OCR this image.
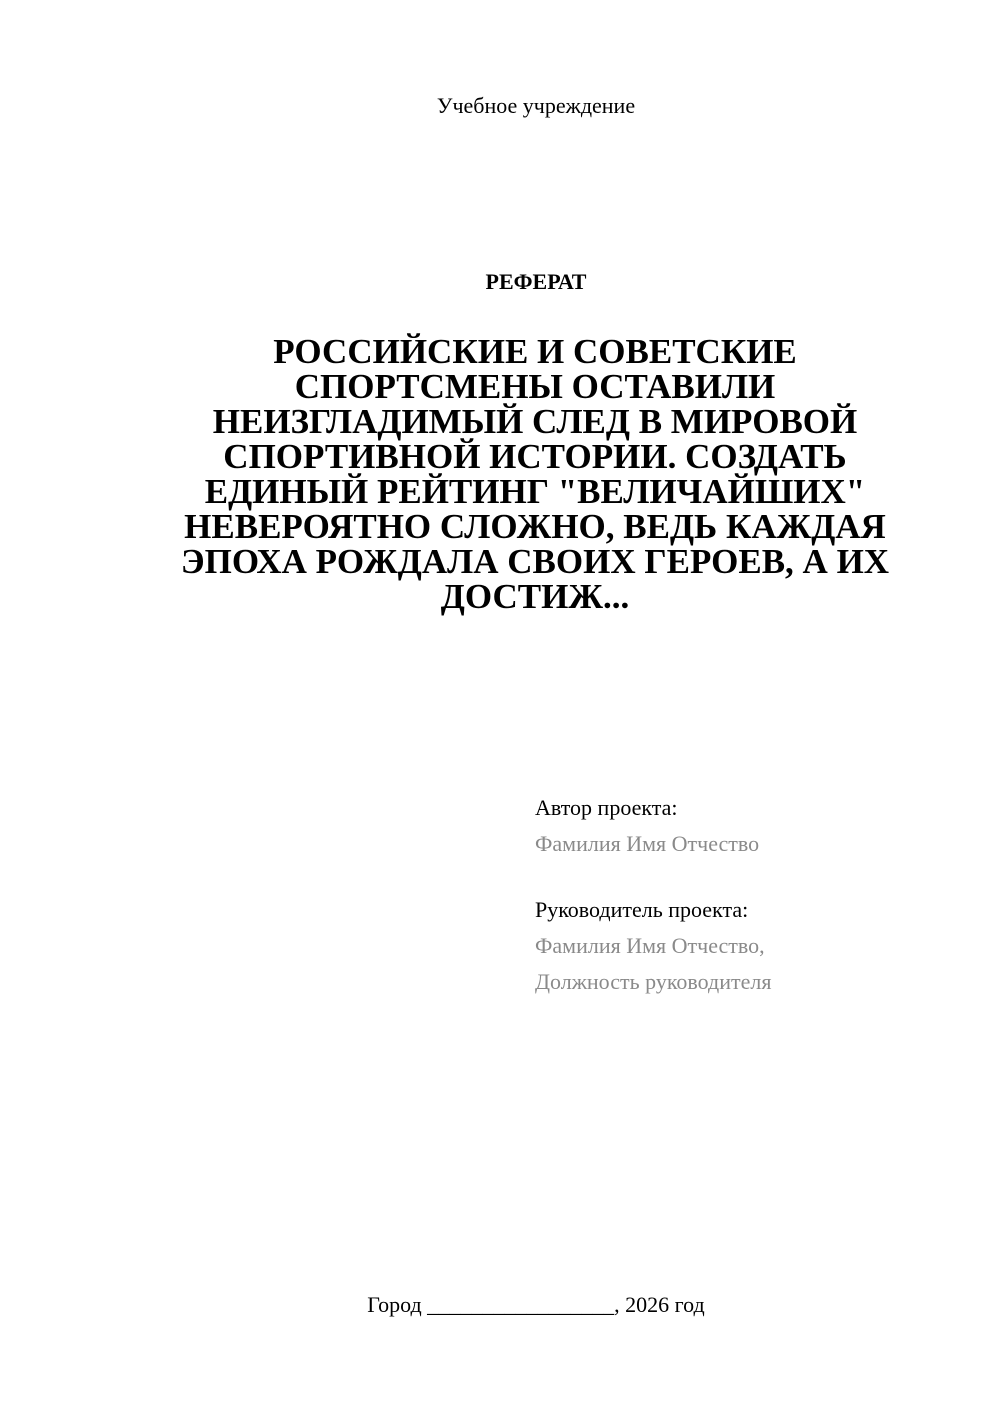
Учебное учреждение
РЕФЕРАТ
РОССИЙСКИЕ И СОВЕТСКИЕ СПОРТСМЕНЫ ОСТАВИЛИ НЕИЗГЛАДИМЫЙ СЛЕД В МИРОВОЙ СПОРТИВНОЙ ИСТОРИИ. СОЗДАТЬ ЕДИНЫЙ РЕЙТИНГ "ВЕЛИЧАЙШИХ" НЕВЕРОЯТНО СЛОЖНО, ВЕДЬ КАЖДАЯ ЭПОХА РОЖДАЛА СВОИХ ГЕРОЕВ, А ИХ ДОСТИЖ...
Автор проекта:
Фамилия Имя Отчество
Руководитель проекта:
Фамилия Имя Отчество,
Должность руководителя
Город _________________, 2026 год
